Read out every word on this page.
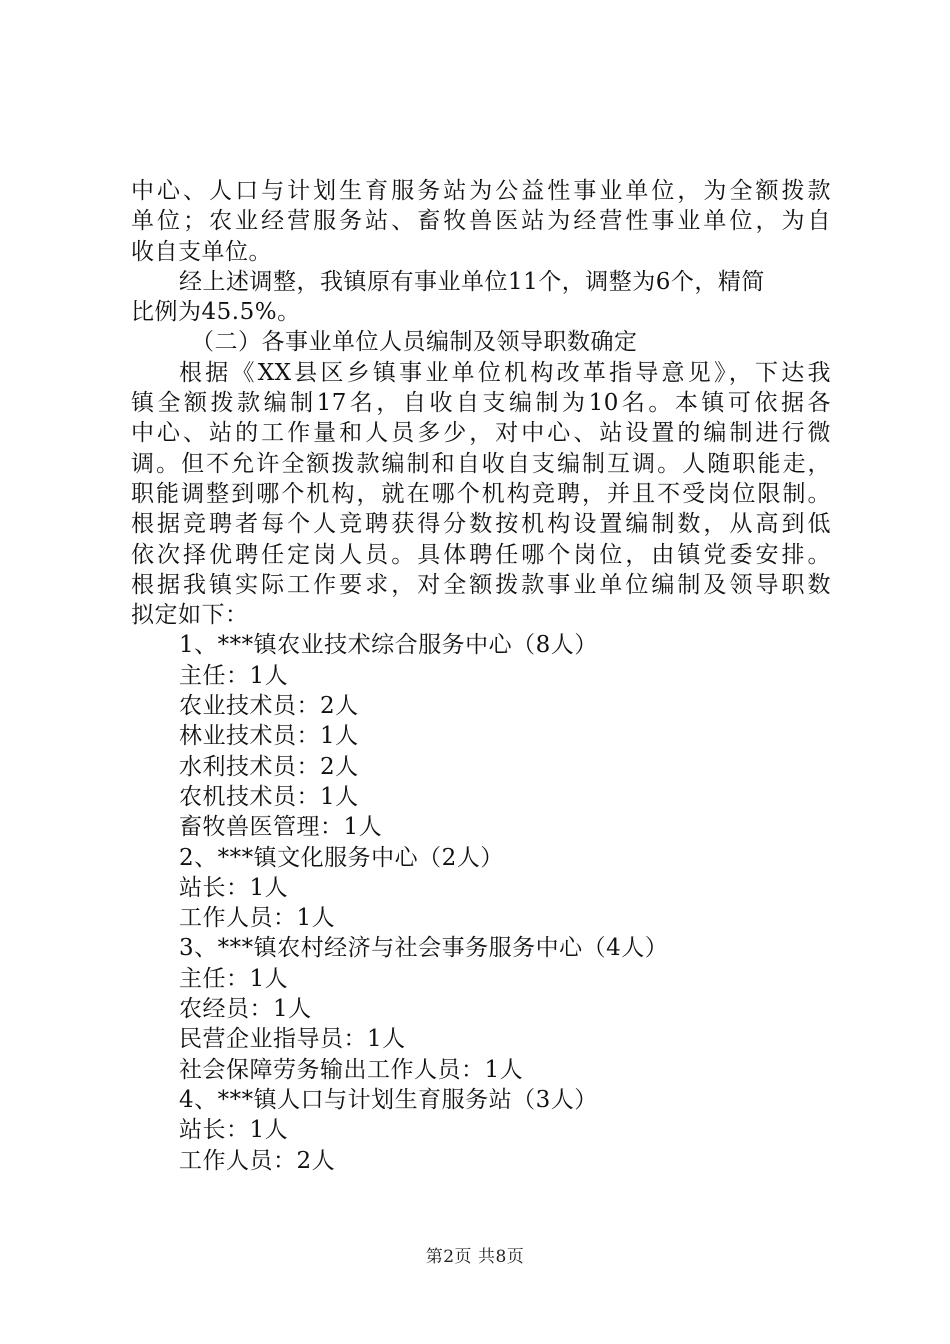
中心、人口与计划生育服务站为公益性事业单位，为全额拨款
单位；农业经营服务站、畜牧兽医站为经营性事业单位，为自
收自支单位。
经上述调整，我镇原有事业单位11个，调整为6个，精简
比例为45.5%。
（二）各事业单位人员编制及领导职数确定
根据《XX县区乡镇事业单位机构改革指导意见》，下达我
镇全额拨款编制17名，自收自支编制为10名。本镇可依据各
中心、站的工作量和人员多少，对中心、站设置的编制进行微
调。但不允许全额拨款编制和自收自支编制互调。人随职能走，
职能调整到哪个机构，就在哪个机构竞聘，并且不受岗位限制。
根据竞聘者每个人竞聘获得分数按机构设置编制数，从高到低
依次择优聘任定岗人员。具体聘任哪个岗位，由镇党委安排。
根据我镇实际工作要求，对全额拨款事业单位编制及领导职数
拟定如下：
1、***镇农业技术综合服务中心（8人）
主任：1人
农业技术员：2人
林业技术员：1人
水利技术员：2人
农机技术员：1人
畜牧兽医管理：1人
2、***镇文化服务中心（2人）
站长：1人
工作人员：1人
3、***镇农村经济与社会事务服务中心（4人）
主任：1人
农经员：1人
民营企业指导员：1人
社会保障劳务输出工作人员：1人
4、***镇人口与计划生育服务站（3人）
站长：1人
工作人员：2人
第2页 共8页
